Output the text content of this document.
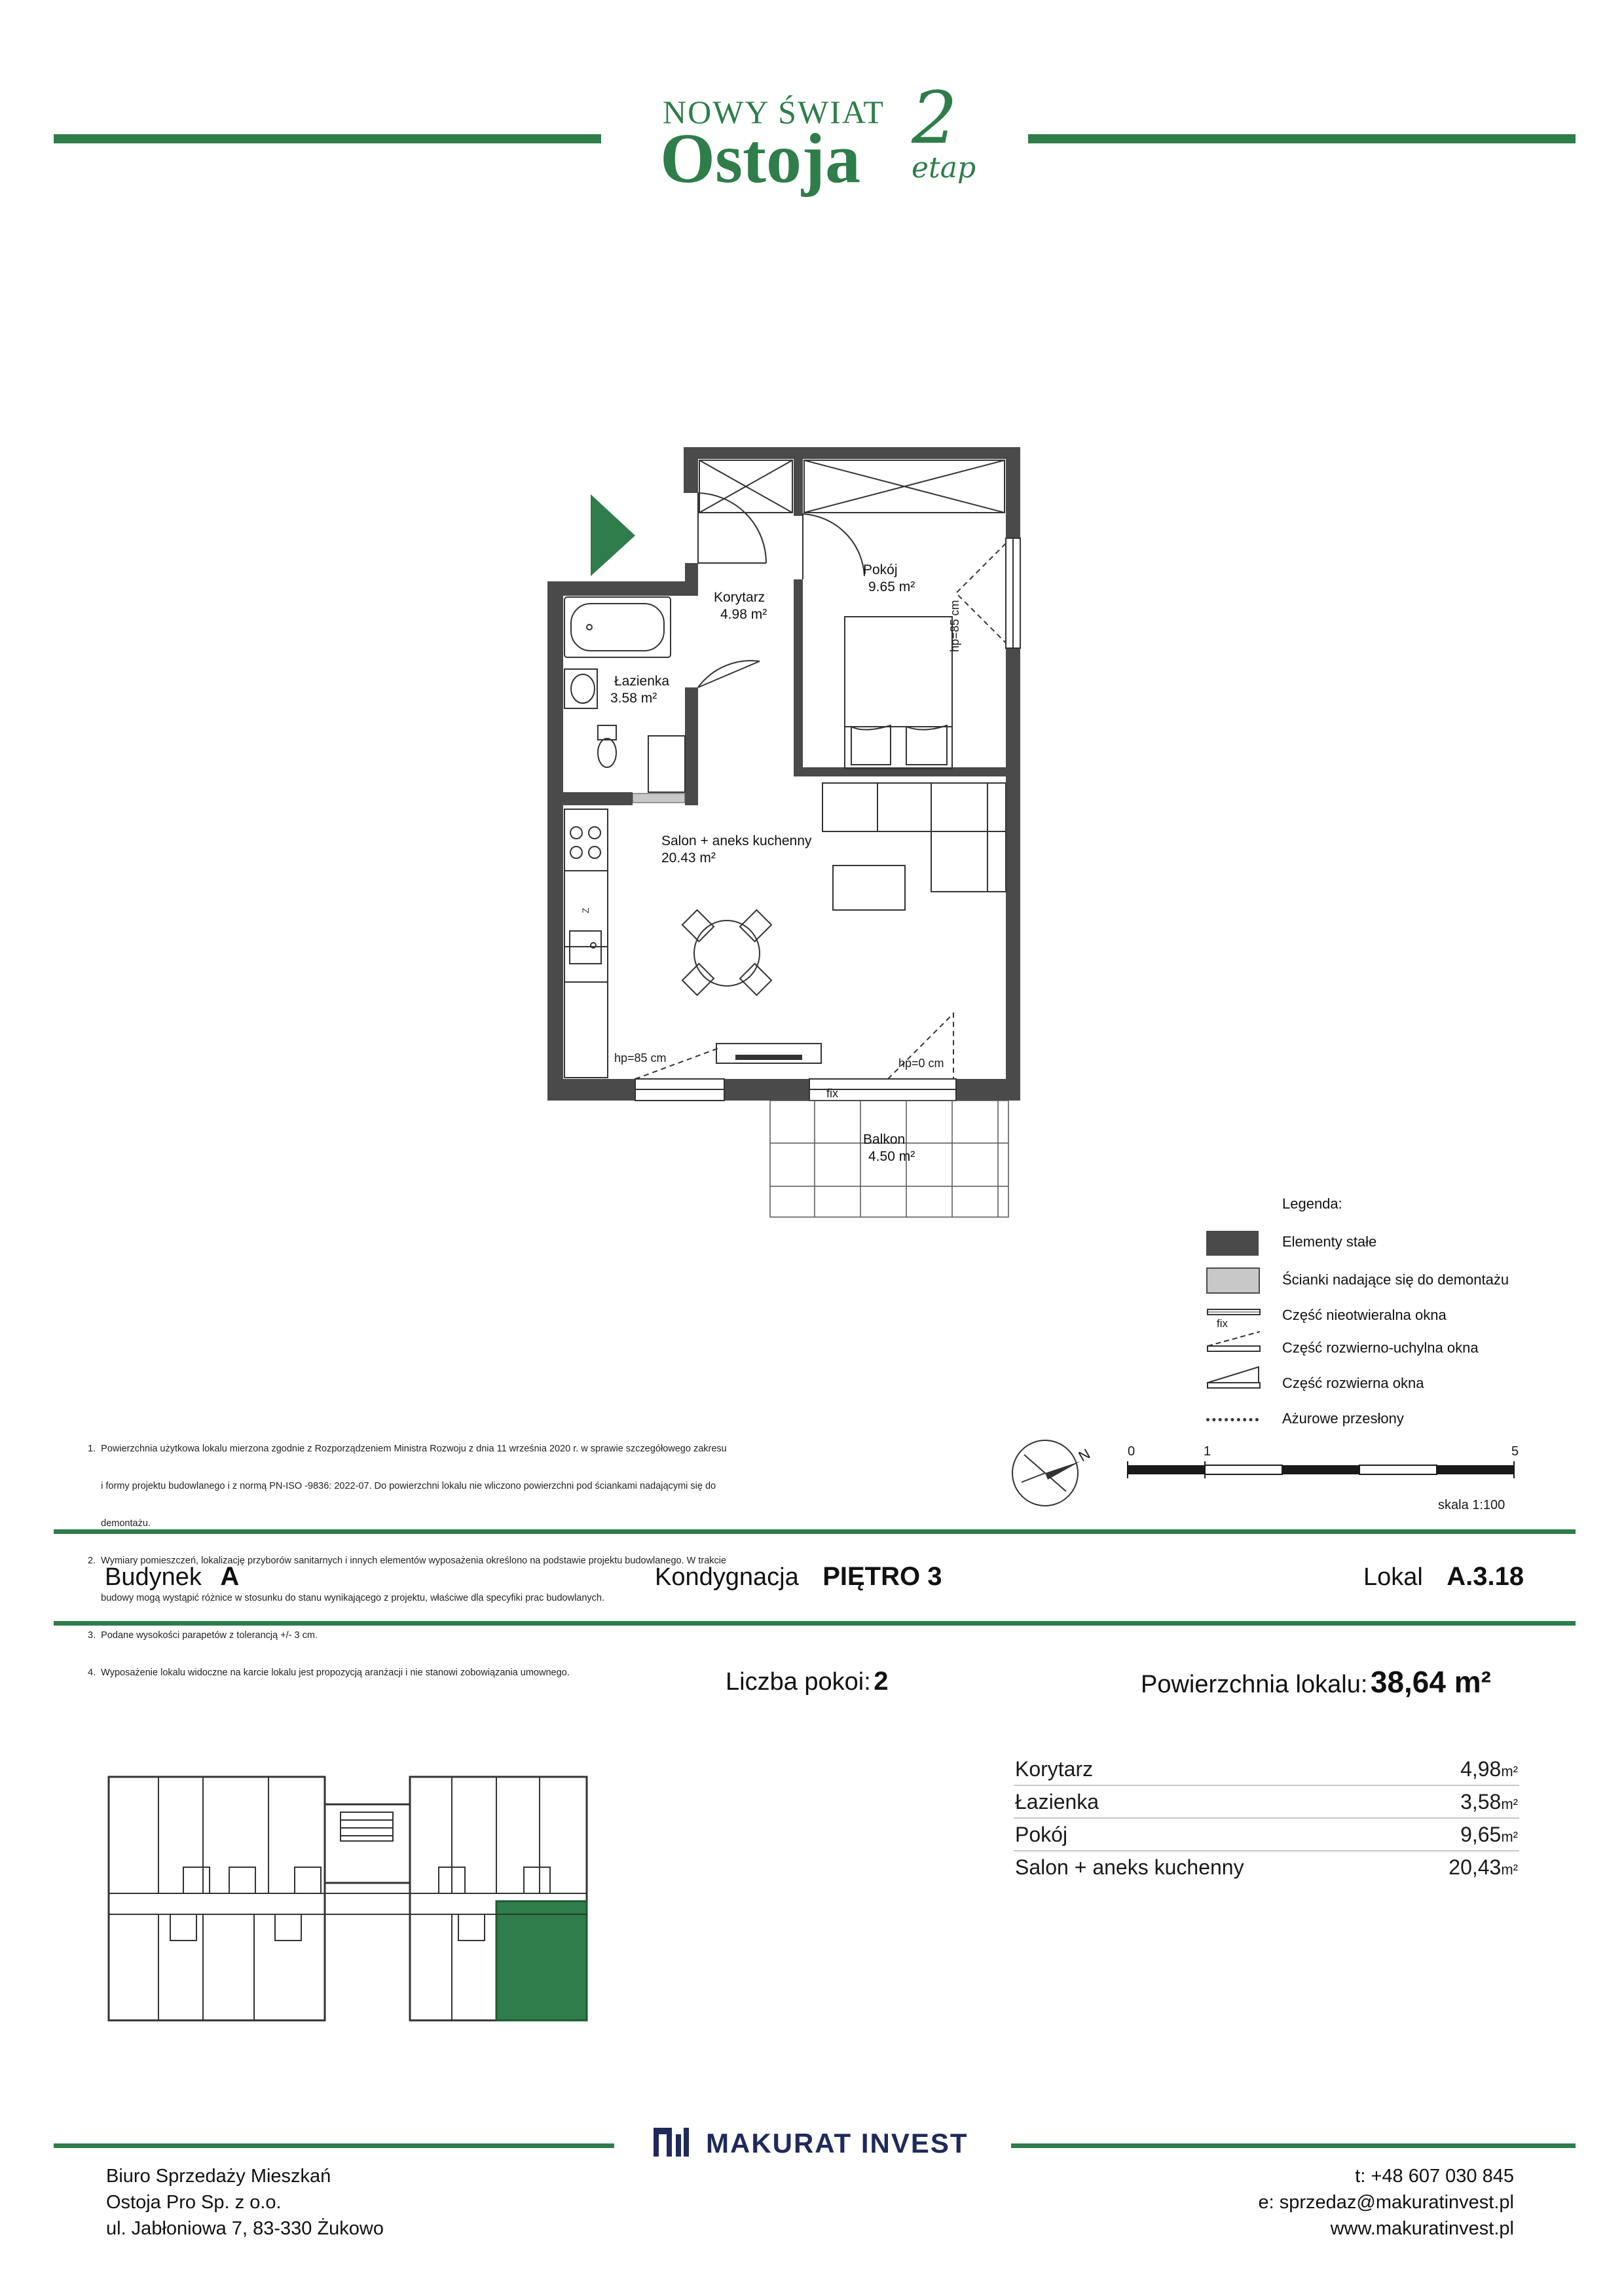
NOWY ŚWIAT
Ostoja 2
etap
Z
Korytarz
4.98 m²
Pokój
9.65 m²
Łazienka
3.58 m²
Salon + aneks kuchenny
20.43 m²
Balkon
4.50 m²
hp=85 cm
hp=85 cm	hp=0 cm
fix
Legenda:
Elementy stałe
Ścianki nadające się do demontażu
fix
Część nieotwieralna okna
Część rozwierno-uchylna okna
Część rozwierna okna
Ażurowe przesłony

1.  Powierzchnia użytkowa lokalu mierzona zgodnie z Rozporządzeniem Ministra Rozwoju z dnia 11 września 2020 r. w sprawie szczegółowego zakresu

i formy projektu budowlanego i z normą PN-ISO -9836: 2022-07. Do powierzchni lokalu nie wliczono powierzchni pod ściankami nadającymi się do

demontażu.

2.  Wymiary pomieszczeń, lokalizację przyborów sanitarnych i innych elementów wyposażenia określono na podstawie projektu budowlanego. W trakcie

budowy mogą wystąpić różnice w stosunku do stanu wynikającego z projektu, właściwe dla specyfiki prac budowlanych.

3.  Podane wysokości parapetów z tolerancją +/- 3 cm.

4.  Wyposażenie lokalu widoczne na karcie lokalu jest propozycją aranżacji i nie stanowi zobowiązania umownego.

N	0	1	5
skala 1:100
Budynek A	Kondygnacja PIĘTRO 3	Lokal A.3.18
Liczba pokoi: 2	Powierzchnia lokalu: 38,64 m²
Korytarz	4,98m²
Łazienka	3,58m²
Pokój	9,65m²
Salon + aneks kuchenny	20,43m²
MAKURAT INVEST
Biuro Sprzedaży Mieszkań
Ostoja Pro Sp. z o.o.
ul. Jabłoniowa 7, 83-330 Żukowo
t: +48 607 030 845
e: sprzedaz@makuratinvest.pl
www.makuratinvest.pl
